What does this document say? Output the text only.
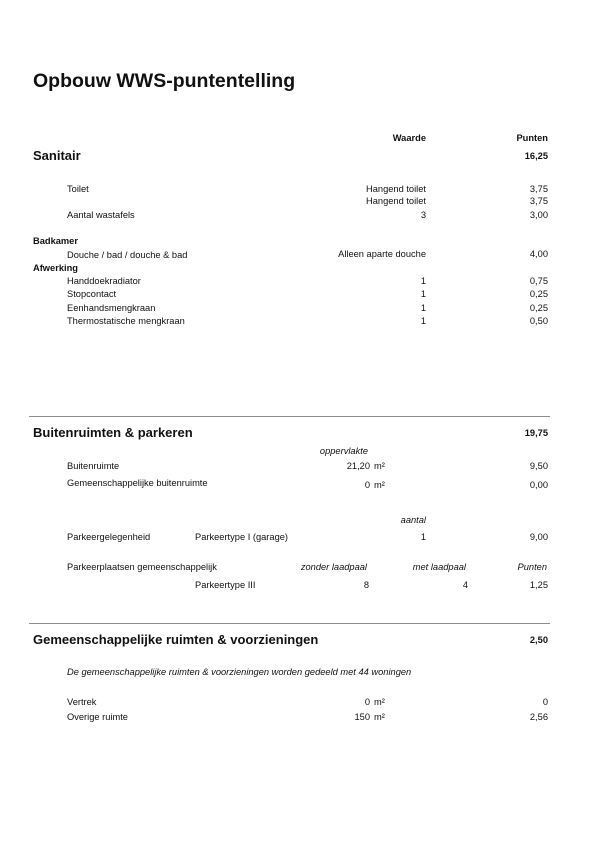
Opbouw WWS-puntentelling
Waarde	Punten
Sanitair	16,25
Toilet	Hangend toilet	3,75
Hangend toilet	3,75
Aantal wastafels	3	3,00
Badkamer
Douche / bad / douche & bad	Alleen aparte douche	4,00
Afwerking
Handdoekradiator	1	0,75
Stopcontact	1	0,25
Eenhandsmengkraan	1	0,25
Thermostatische mengkraan	1	0,50
Buitenruimten & parkeren	19,75
oppervlakte
Buitenruimte	21,20 m²	9,50
Gemeenschappelijke buitenruimte	0 m²	0,00
aantal
Parkeergelegenheid	Parkeertype I (garage)	1	9,00
Parkeerplaatsen gemeenschappelijk	zonder laadpaal	met laadpaal	Punten
Parkeertype III	8	4	1,25
Gemeenschappelijke ruimten & voorzieningen	2,50
De gemeenschappelijke ruimten & voorzieningen worden gedeeld met 44 woningen
Vertrek	0 m²	0
Overige ruimte	150 m²	2,56
